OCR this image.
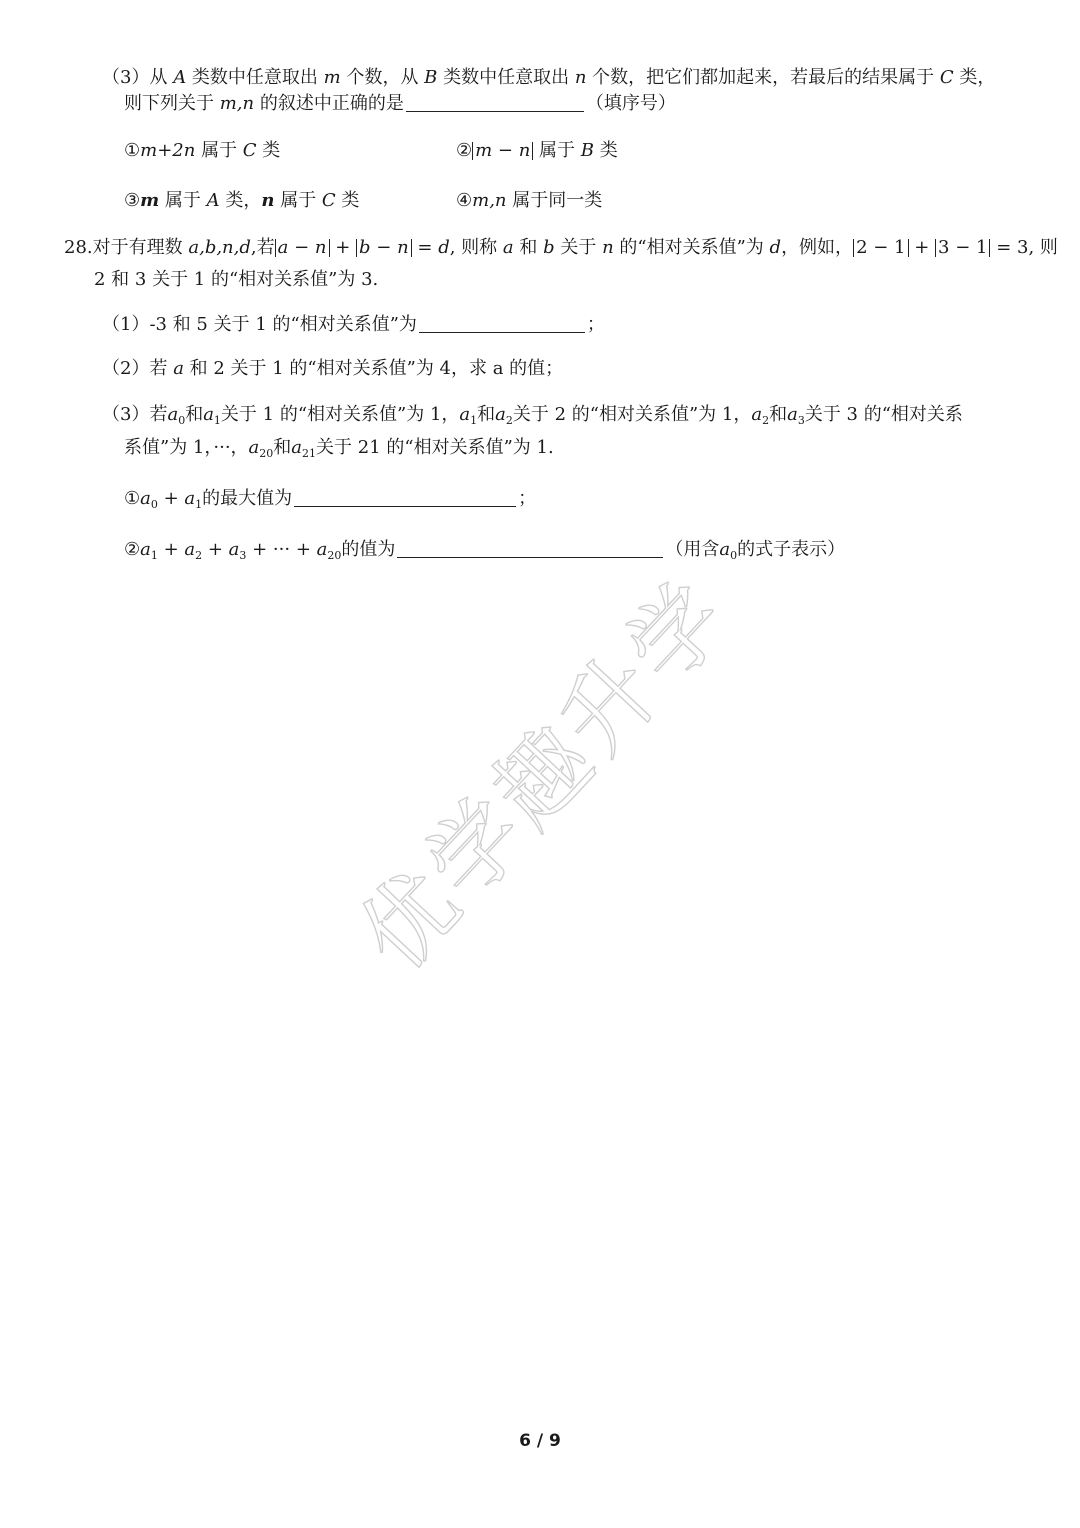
（3）从 A 类数中任意取出 m 个数，从 B 类数中任意取出 n 个数，把它们都加起来，若最后的结果属于 C 类，
则下列关于 m,n 的叙述中正确的是	（填序号）
①m+2n 属于 C 类	② m − n 属于 B 类
③m 属于 A 类，n 属于 C 类	④m,n 属于同一类
28.对于有理数 a,b,n,d,若 a − n + b − n = d, 则称 a 和 b 关于 n 的“相对关系值”为 d，例如， 2 − 1 + 3 − 1 = 3, 则
2 和 3 关于 1 的“相对关系值”为 3.
（1）-3 和 5 关于 1 的“相对关系值”为	；
（2）若 a 和 2 关于 1 的“相对关系值”为 4，求 a 的值；
（3）若$a_0$和$a_1$关于 1 的“相对关系值”为 1，$a_1$和$a_2$关于 2 的“相对关系值”为 1，$a_2$和$a_3$关于 3 的“相对关系
系值”为 1，···，$a_{20}$和$a_{21}$关于 21 的“相对关系值”为 1.
$①a_0 + a_1$的最大值为	；
$②a_1 + a_2 + a_3$ + ··· + $a_{20}$的值为	（用含$a_0$的式子表示）
优学趣升学
6 / 9
